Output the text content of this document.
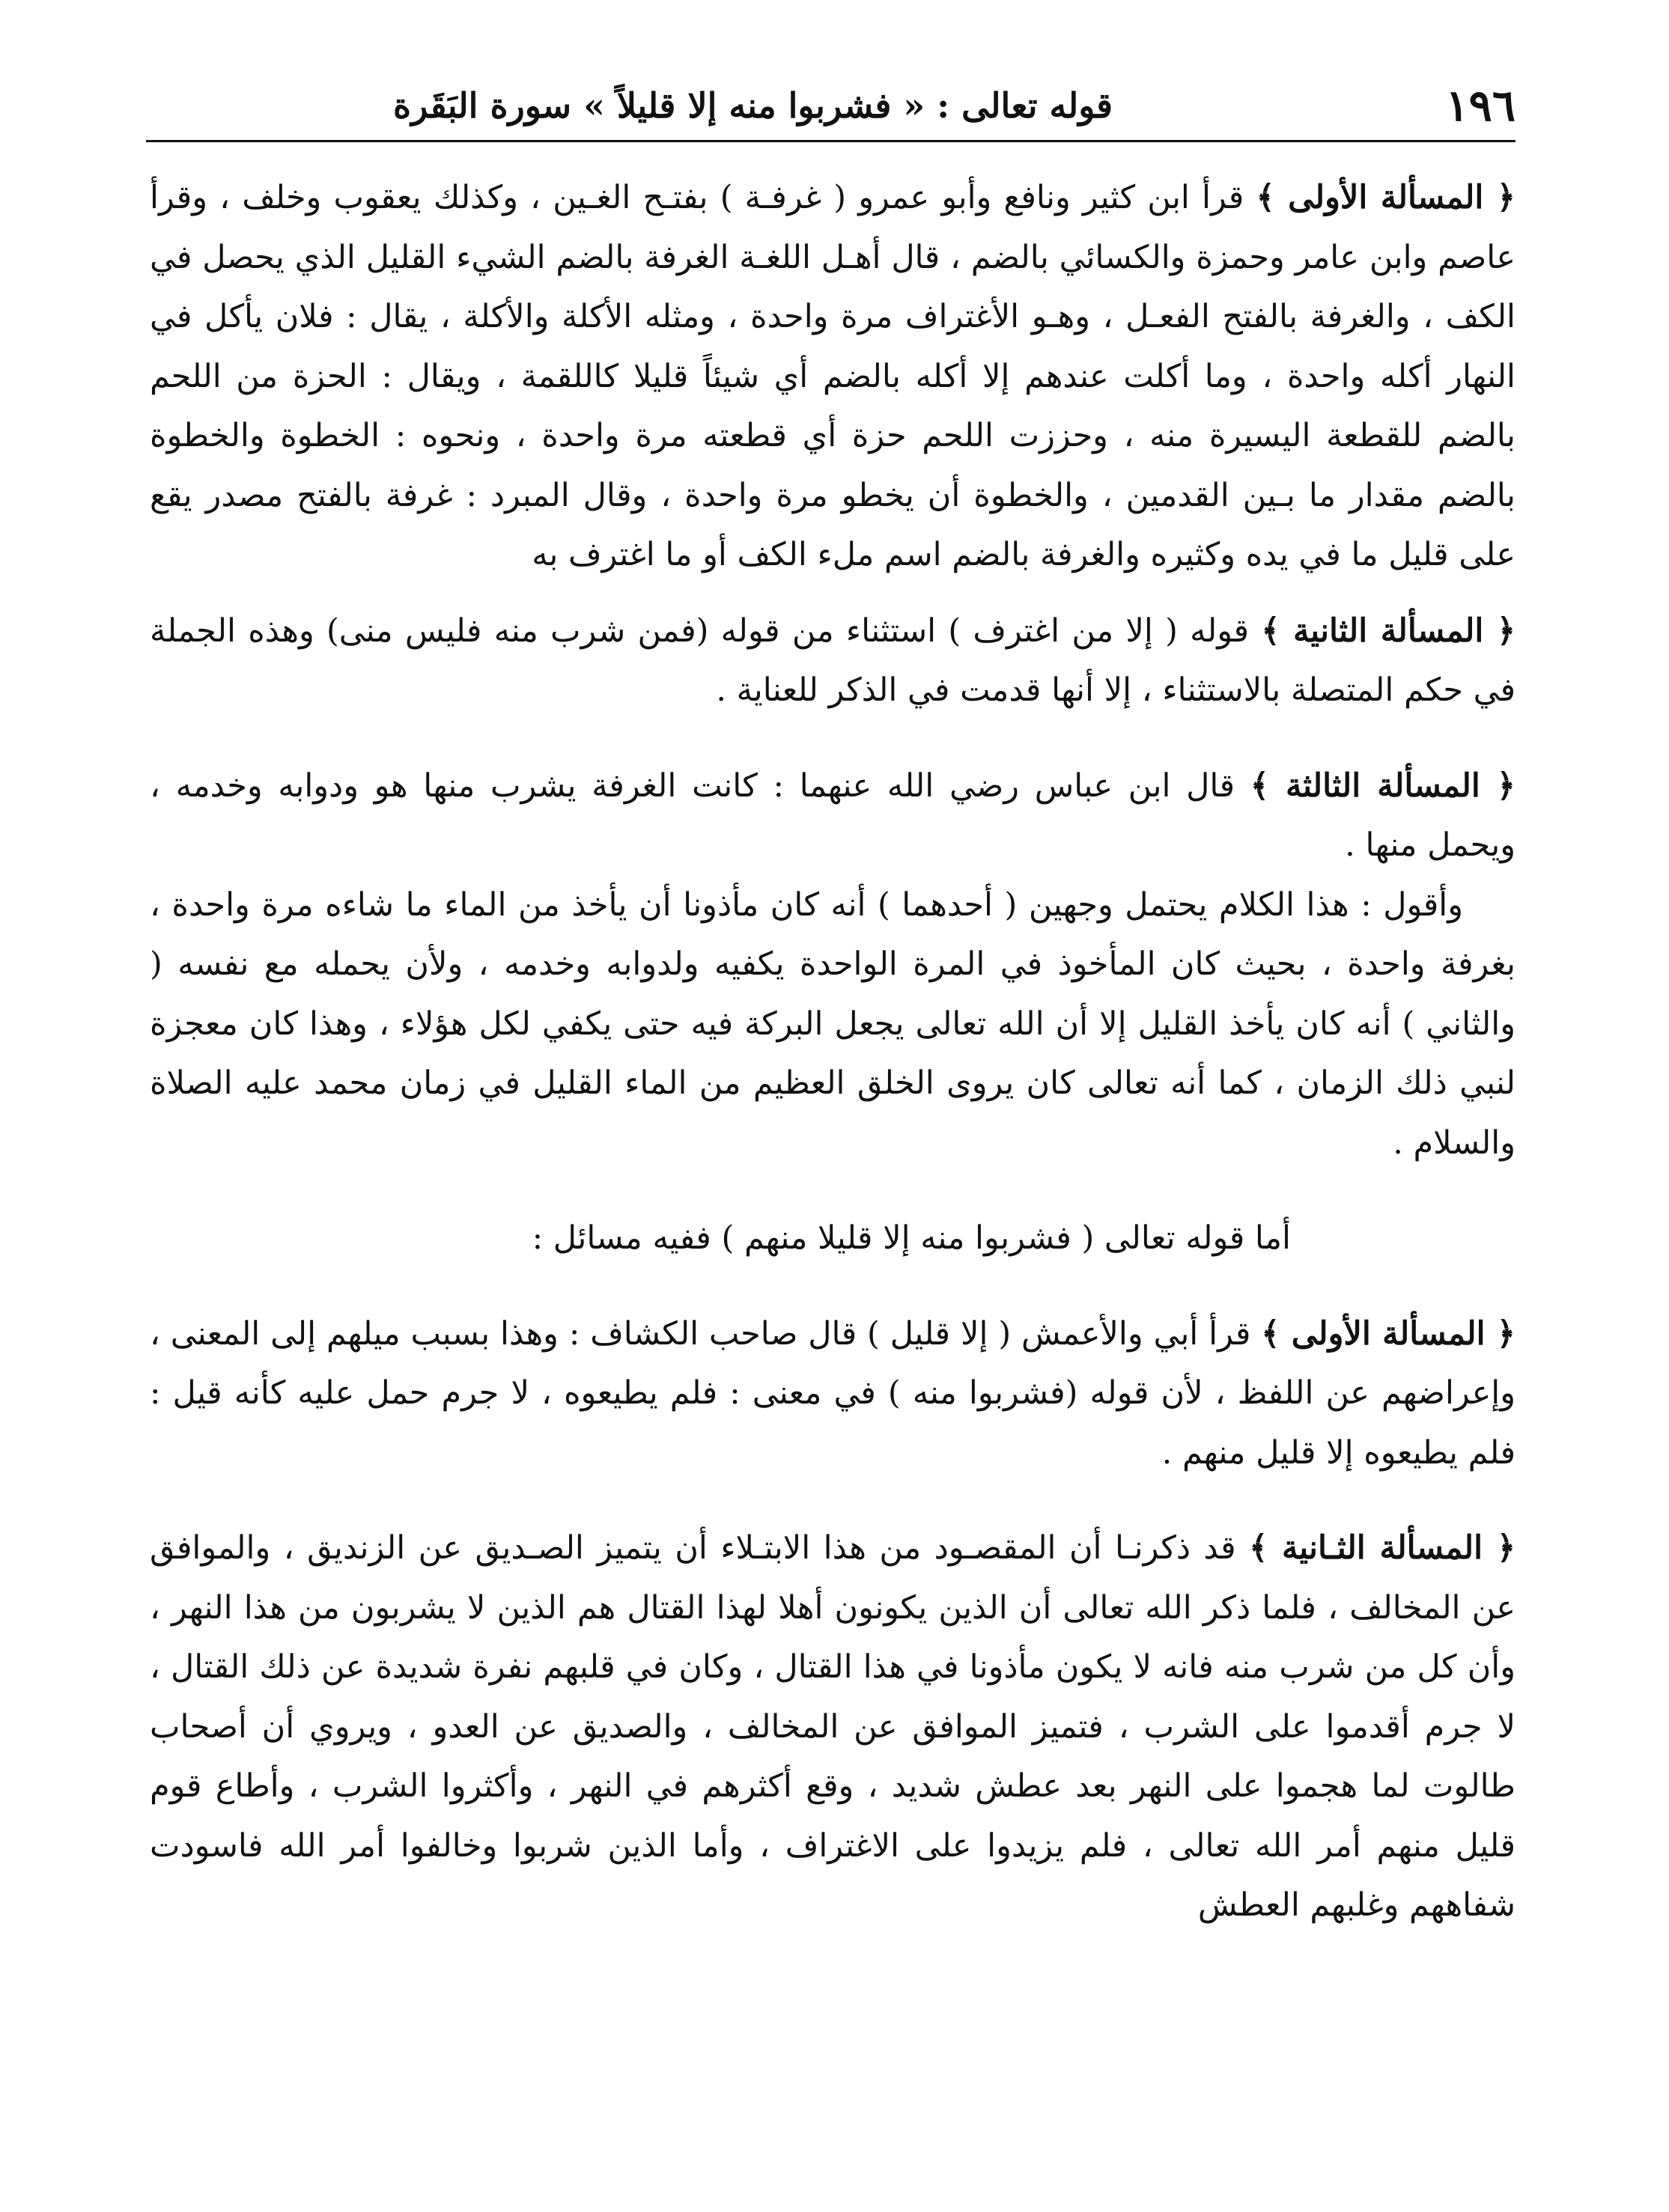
١٩٦
قوله تعالى : « فشربوا منه إلا قليلاً » سورة البَقَرة

﴿ المسألة الأولى ﴾ قرأ ابن كثير ونافع وأبو عمرو ( غرفـة ) بفتـح الغـين ، وكذلك يعقوب وخلف ، وقرأ عاصم وابن عامر وحمزة والكسائي بالضم ، قال أهـل اللغـة الغرفة بالضم الشيء القليل الذي يحصل في الكف ، والغرفة بالفتح الفعـل ، وهـو الأغتراف مرة واحدة ، ومثله الأكلة والأكلة ، يقال : فلان يأكل في النهار أكله واحدة ، وما أكلت عندهم إلا أكله بالضم أي شيئاً قليلا كاللقمة ، ويقال : الحزة من اللحم بالضم للقطعة اليسيرة منه ، وحززت اللحم حزة أي قطعته مرة واحدة ، ونحوه : الخطوة والخطوة بالضم مقدار ما بـين القدمين ، والخطوة أن يخطو مرة واحدة ، وقال المبرد : غرفة بالفتح مصدر يقع على قليل ما في يده وكثيره والغرفة بالضم اسم ملء الكف أو ما اغترف به

﴿ المسألة الثانية ﴾ قوله ( إلا من اغترف ) استثناء من قوله (فمن شرب منه فليس منى) وهذه الجملة في حكم المتصلة بالاستثناء ، إلا أنها قدمت في الذكر للعناية .

﴿ المسألة الثالثة ﴾ قال ابن عباس رضي الله عنهما : كانت الغرفة يشرب منها هو ودوابه وخدمه ، ويحمل منها .

وأقول : هذا الكلام يحتمل وجهين ( أحدهما ) أنه كان مأذونا أن يأخذ من الماء ما شاءه مرة واحدة ، بغرفة واحدة ، بحيث كان المأخوذ في المرة الواحدة يكفيه ولدوابه وخدمه ، ولأن يحمله مع نفسه ( والثاني ) أنه كان يأخذ القليل إلا أن الله تعالى يجعل البركة فيه حتى يكفي لكل هؤلاء ، وهذا كان معجزة لنبي ذلك الزمان ، كما أنه تعالى كان يروى الخلق العظيم من الماء القليل في زمان محمد عليه الصلاة والسلام .

أما قوله تعالى ( فشربوا منه إلا قليلا منهم ) ففيه مسائل :

﴿ المسألة الأولى ﴾ قرأ أبي والأعمش ( إلا قليل ) قال صاحب الكشاف : وهذا بسبب ميلهم إلى المعنى ، وإعراضهم عن اللفظ ، لأن قوله (فشربوا منه ) في معنى : فلم يطيعوه ، لا جرم حمل عليه كأنه قيل : فلم يطيعوه إلا قليل منهم .

﴿ المسألة الثـانية ﴾ قد ذكرنـا أن المقصـود من هذا الابتـلاء أن يتميز الصـديق عن الزنديق ، والموافق عن المخالف ، فلما ذكر الله تعالى أن الذين يكونون أهلا لهذا القتال هم الذين لا يشربون من هذا النهر ، وأن كل من شرب منه فانه لا يكون مأذونا في هذا القتال ، وكان في قلبهم نفرة شديدة عن ذلك القتال ، لا جرم أقدموا على الشرب ، فتميز الموافق عن المخالف ، والصديق عن العدو ، ويروي أن أصحاب طالوت لما هجموا على النهر بعد عطش شديد ، وقع أكثرهم في النهر ، وأكثروا الشرب ، وأطاع قوم قليل منهم أمر الله تعالى ، فلم يزيدوا على الاغتراف ، وأما الذين شربوا وخالفوا أمر الله فاسودت شفاههم وغلبهم العطش
